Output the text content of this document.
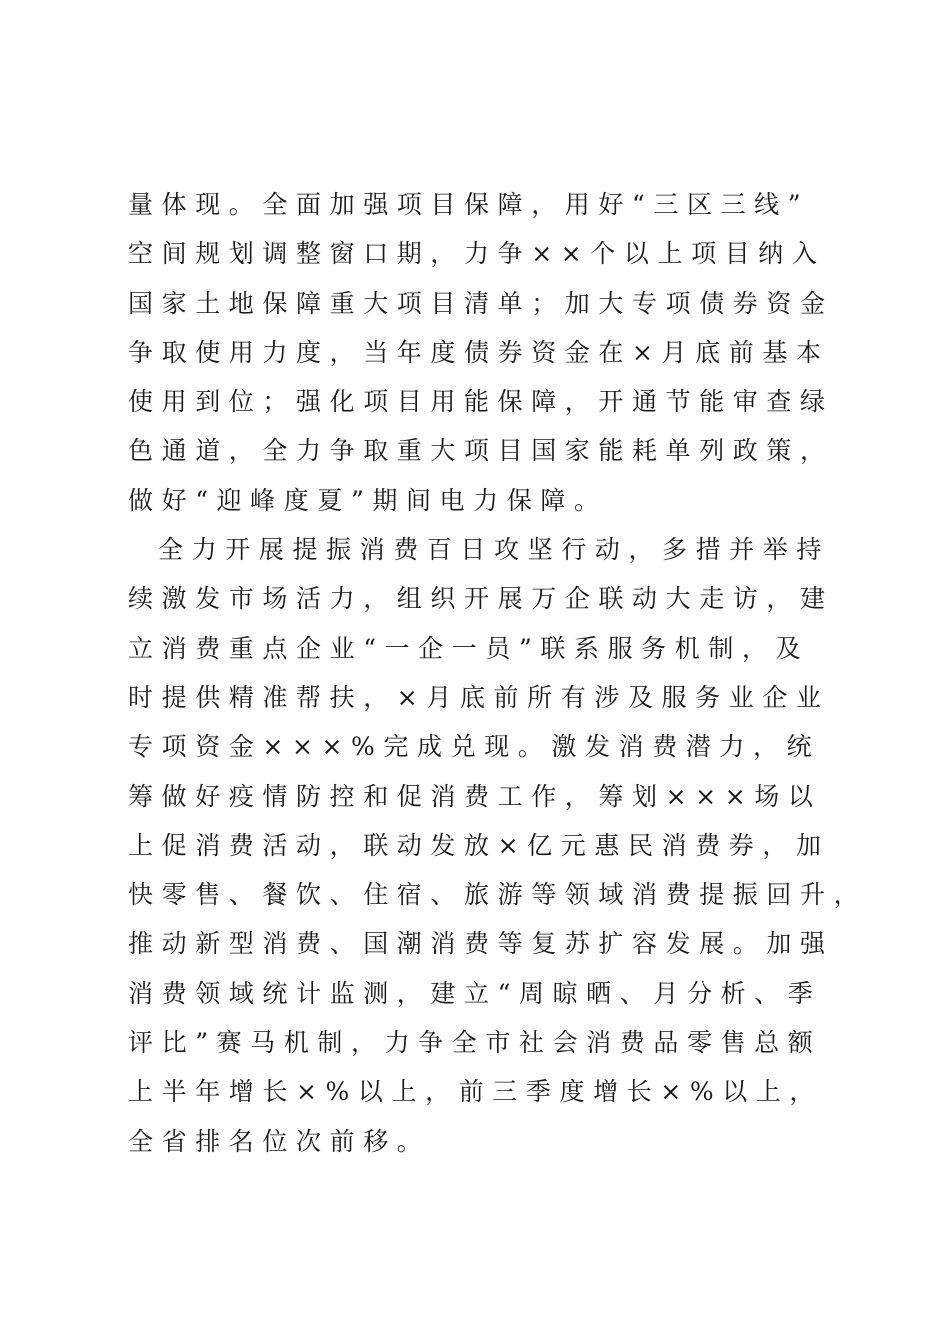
量体现。全面加强项目保障，用好“三区三线”
空间规划调整窗口期，力争××个以上项目纳入
国家土地保障重大项目清单；加大专项债券资金
争取使用力度，当年度债券资金在×月底前基本
使用到位；强化项目用能保障，开通节能审查绿
色通道，全力争取重大项目国家能耗单列政策，
做好“迎峰度夏”期间电力保障。
全力开展提振消费百日攻坚行动，多措并举持
续激发市场活力，组织开展万企联动大走访，建
立消费重点企业“一企一员”联系服务机制，及
时提供精准帮扶，×月底前所有涉及服务业企业
专项资金×××%完成兑现。激发消费潜力，统
筹做好疫情防控和促消费工作，筹划×××场以
上促消费活动，联动发放×亿元惠民消费券，加
快零售、餐饮、住宿、旅游等领域消费提振回升，
推动新型消费、国潮消费等复苏扩容发展。加强
消费领域统计监测，建立“周晾晒、月分析、季
评比”赛马机制，力争全市社会消费品零售总额
上半年增长×%以上，前三季度增长×%以上，
全省排名位次前移。
